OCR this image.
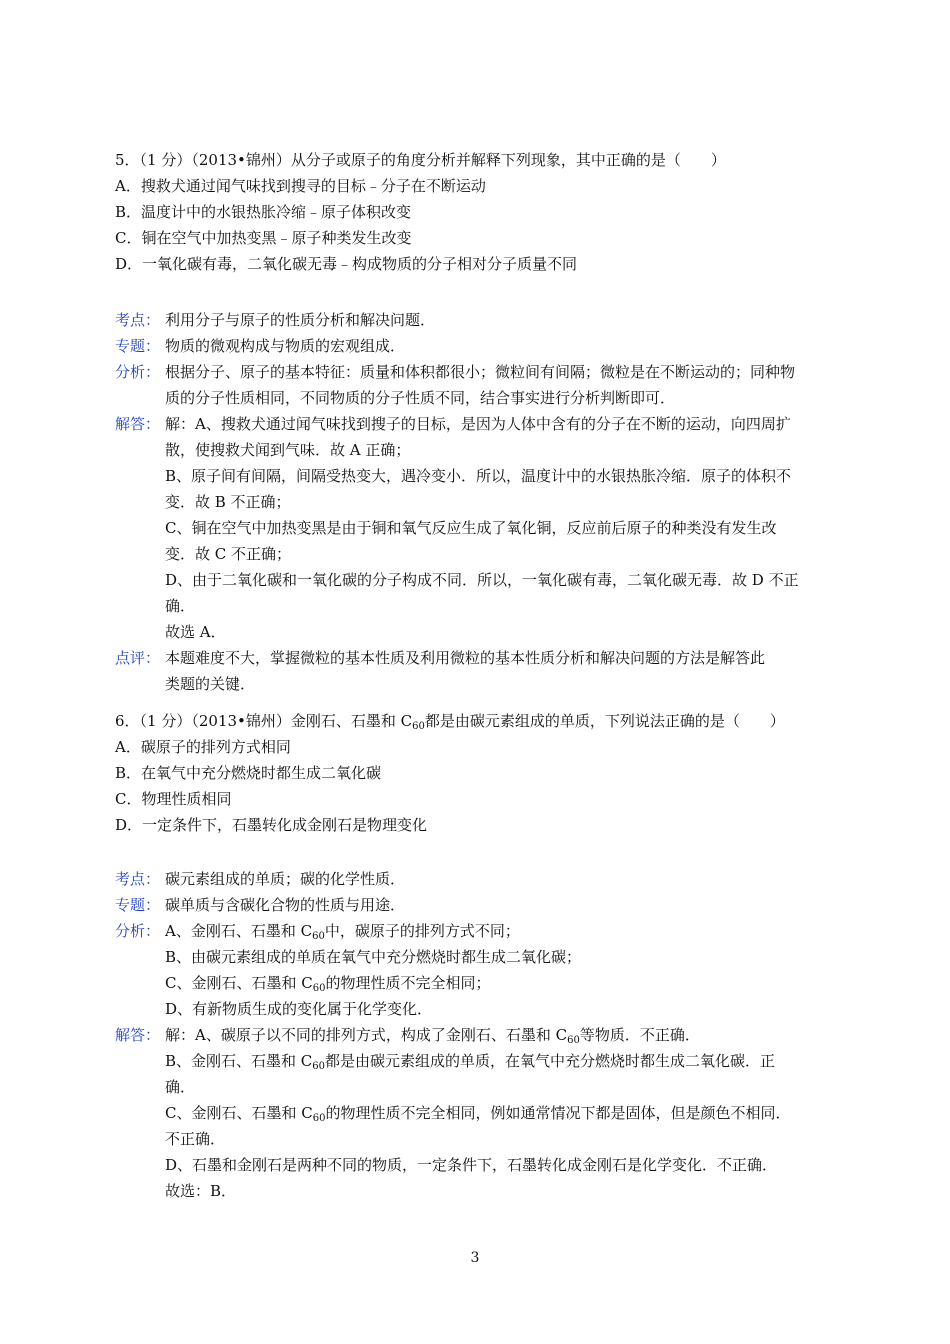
5．（1 分）（2013•锦州）从分子或原子的角度分析并解释下列现象，其中正确的是（　　）
A．搜救犬通过闻气味找到搜寻的目标﹣分子在不断运动
B．温度计中的水银热胀冷缩﹣原子体积改变
C．铜在空气中加热变黑﹣原子种类发生改变
D．一氧化碳有毒，二氧化碳无毒﹣构成物质的分子相对分子质量不同
考点： 利用分子与原子的性质分析和解决问题．
专题： 物质的微观构成与物质的宏观组成．
分析： 根据分子、原子的基本特征：质量和体积都很小；微粒间有间隔；微粒是在不断运动的；同种物
质的分子性质相同，不同物质的分子性质不同，结合事实进行分析判断即可．
解答： 解：A、搜救犬通过闻气味找到搜子的目标，是因为人体中含有的分子在不断的运动，向四周扩
散，使搜救犬闻到气味．故 A 正确；
B、原子间有间隔，间隔受热变大，遇冷变小．所以，温度计中的水银热胀冷缩．原子的体积不
变．故 B 不正确；
C、铜在空气中加热变黑是由于铜和氧气反应生成了氧化铜，反应前后原子的种类没有发生改
变．故 C 不正确；
D、由于二氧化碳和一氧化碳的分子构成不同．所以，一氧化碳有毒，二氧化碳无毒．故 D 不正
确．
故选 A．
点评： 本题难度不大，掌握微粒的基本性质及利用微粒的基本性质分析和解决问题的方法是解答此
类题的关键．
6．（1 分）（2013•锦州）金刚石、石墨和 $C_{60}$都是由碳元素组成的单质，下列说法正确的是（　　）
A．碳原子的排列方式相同
B．在氧气中充分燃烧时都生成二氧化碳
C．物理性质相同
D．一定条件下，石墨转化成金刚石是物理变化
考点： 碳元素组成的单质；碳的化学性质．
专题： 碳单质与含碳化合物的性质与用途．
分析： A、金刚石、石墨和 $C_{60}$中，碳原子的排列方式不同；
B、由碳元素组成的单质在氧气中充分燃烧时都生成二氧化碳；
C、金刚石、石墨和 $C_{60}$的物理性质不完全相同；
D、有新物质生成的变化属于化学变化．
解答： 解：A、碳原子以不同的排列方式，构成了金刚石、石墨和 $C_{60}$等物质．不正确．
B、金刚石、石墨和 $C_{60}$都是由碳元素组成的单质，在氧气中充分燃烧时都生成二氧化碳．正
确．
C、金刚石、石墨和 $C_{60}$的物理性质不完全相同，例如通常情况下都是固体，但是颜色不相同．
不正确．
D、石墨和金刚石是两种不同的物质，一定条件下，石墨转化成金刚石是化学变化．不正确．
故选：B．
3
